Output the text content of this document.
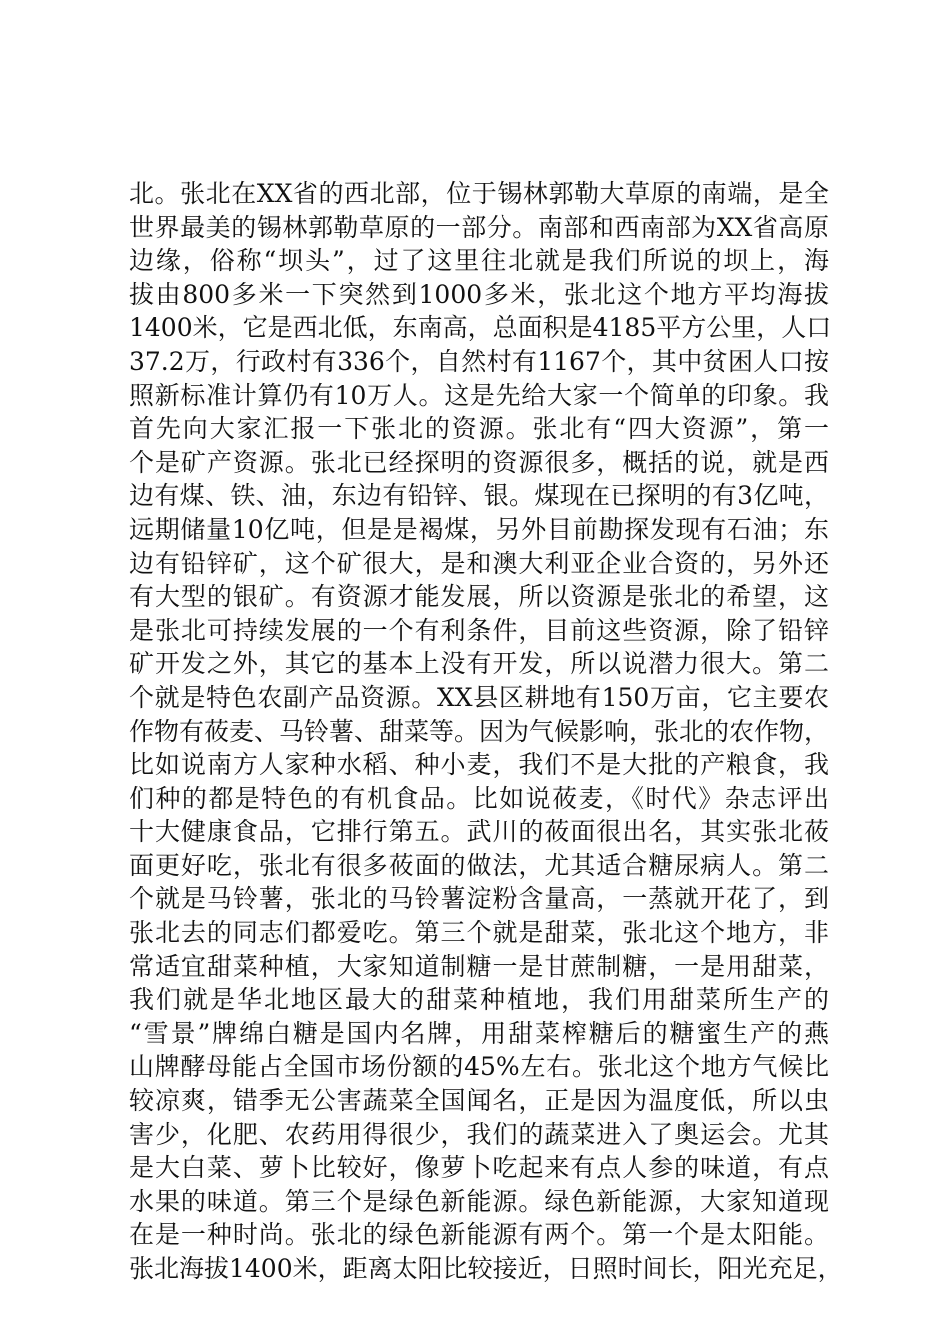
北。张北在XX省的西北部，位于锡林郭勒大草原的南端，是全
世界最美的锡林郭勒草原的一部分。南部和西南部为XX省高原
边缘，俗称“坝头”，过了这里往北就是我们所说的坝上，海
拔由800多米一下突然到1000多米，张北这个地方平均海拔
1400米，它是西北低，东南高，总面积是4185平方公里，人口
37.2万，行政村有336个，自然村有1167个，其中贫困人口按
照新标准计算仍有10万人。这是先给大家一个简单的印象。我
首先向大家汇报一下张北的资源。张北有“四大资源”，第一
个是矿产资源。张北已经探明的资源很多，概括的说，就是西
边有煤、铁、油，东边有铅锌、银。煤现在已探明的有3亿吨，
远期储量10亿吨，但是是褐煤，另外目前勘探发现有石油；东
边有铅锌矿，这个矿很大，是和澳大利亚企业合资的，另外还
有大型的银矿。有资源才能发展，所以资源是张北的希望，这
是张北可持续发展的一个有利条件，目前这些资源，除了铅锌
矿开发之外，其它的基本上没有开发，所以说潜力很大。第二
个就是特色农副产品资源。XX县区耕地有150万亩，它主要农
作物有莜麦、马铃薯、甜菜等。因为气候影响，张北的农作物，
比如说南方人家种水稻、种小麦，我们不是大批的产粮食，我
们种的都是特色的有机食品。比如说莜麦，《时代》杂志评出
十大健康食品，它排行第五。武川的莜面很出名，其实张北莜
面更好吃，张北有很多莜面的做法，尤其适合糖尿病人。第二
个就是马铃薯，张北的马铃薯淀粉含量高，一蒸就开花了，到
张北去的同志们都爱吃。第三个就是甜菜，张北这个地方，非
常适宜甜菜种植，大家知道制糖一是甘蔗制糖，一是用甜菜，
我们就是华北地区最大的甜菜种植地，我们用甜菜所生产的
“雪景”牌绵白糖是国内名牌，用甜菜榨糖后的糖蜜生产的燕
山牌酵母能占全国市场份额的45%左右。张北这个地方气候比
较凉爽，错季无公害蔬菜全国闻名，正是因为温度低，所以虫
害少，化肥、农药用得很少，我们的蔬菜进入了奥运会。尤其
是大白菜、萝卜比较好，像萝卜吃起来有点人参的味道，有点
水果的味道。第三个是绿色新能源。绿色新能源，大家知道现
在是一种时尚。张北的绿色新能源有两个。第一个是太阳能。
张北海拔1400米，距离太阳比较接近，日照时间长，阳光充足，
